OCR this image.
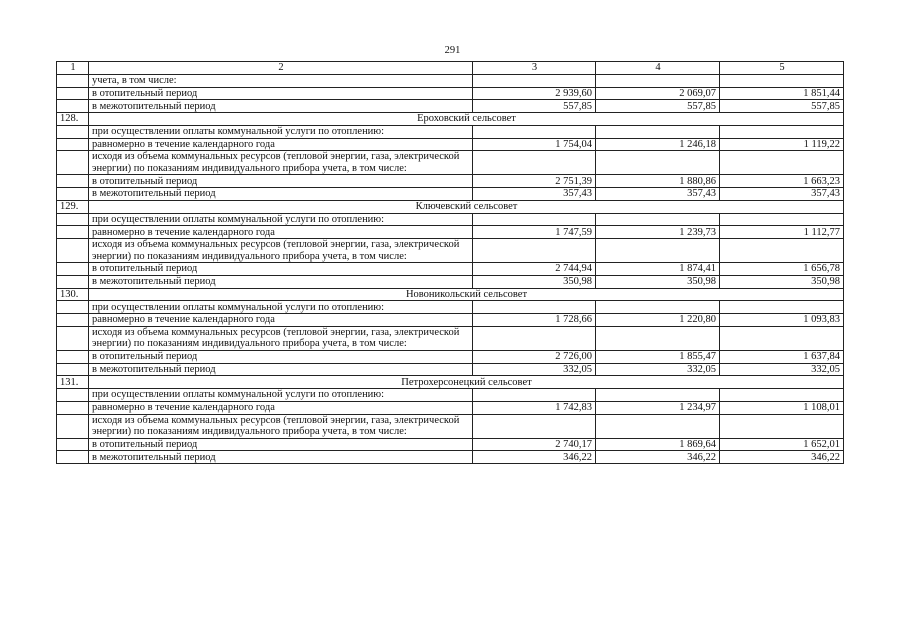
291
1	2	3	4	5
	учета, в том числе:			
	в отопительный период	2 939,60	2 069,07	1 851,44
	в межотопительный период	557,85	557,85	557,85
128.	Ероховский сельсовет			
	при осуществлении оплаты коммунальной услуги по отоплению:			
	равномерно в течение календарного года	1 754,04	1 246,18	1 119,22
	исходя из объема коммунальных ресурсов (тепловой энергии, газа, электрической энергии) по показаниям индивидуального прибора учета, в том числе:			
	в отопительный период	2 751,39	1 880,86	1 663,23
	в межотопительный период	357,43	357,43	357,43
129.	Ключевский сельсовет			
	при осуществлении оплаты коммунальной услуги по отоплению:			
	равномерно в течение календарного года	1 747,59	1 239,73	1 112,77
	исходя из объема коммунальных ресурсов (тепловой энергии, газа, электрической энергии) по показаниям индивидуального прибора учета, в том числе:			
	в отопительный период	2 744,94	1 874,41	1 656,78
	в межотопительный период	350,98	350,98	350,98
130.	Новоникольский сельсовет			
	при осуществлении оплаты коммунальной услуги по отоплению:			
	равномерно в течение календарного года	1 728,66	1 220,80	1 093,83
	исходя из объема коммунальных ресурсов (тепловой энергии, газа, электрической энергии) по показаниям индивидуального прибора учета, в том числе:			
	в отопительный период	2 726,00	1 855,47	1 637,84
	в межотопительный период	332,05	332,05	332,05
131.	Петрохерсонецкий сельсовет			
	при осуществлении оплаты коммунальной услуги по отоплению:			
	равномерно в течение календарного года	1 742,83	1 234,97	1 108,01
	исходя из объема коммунальных ресурсов (тепловой энергии, газа, электрической энергии) по показаниям индивидуального прибора учета, в том числе:			
	в отопительный период	2 740,17	1 869,64	1 652,01
	в межотопительный период	346,22	346,22	346,22
